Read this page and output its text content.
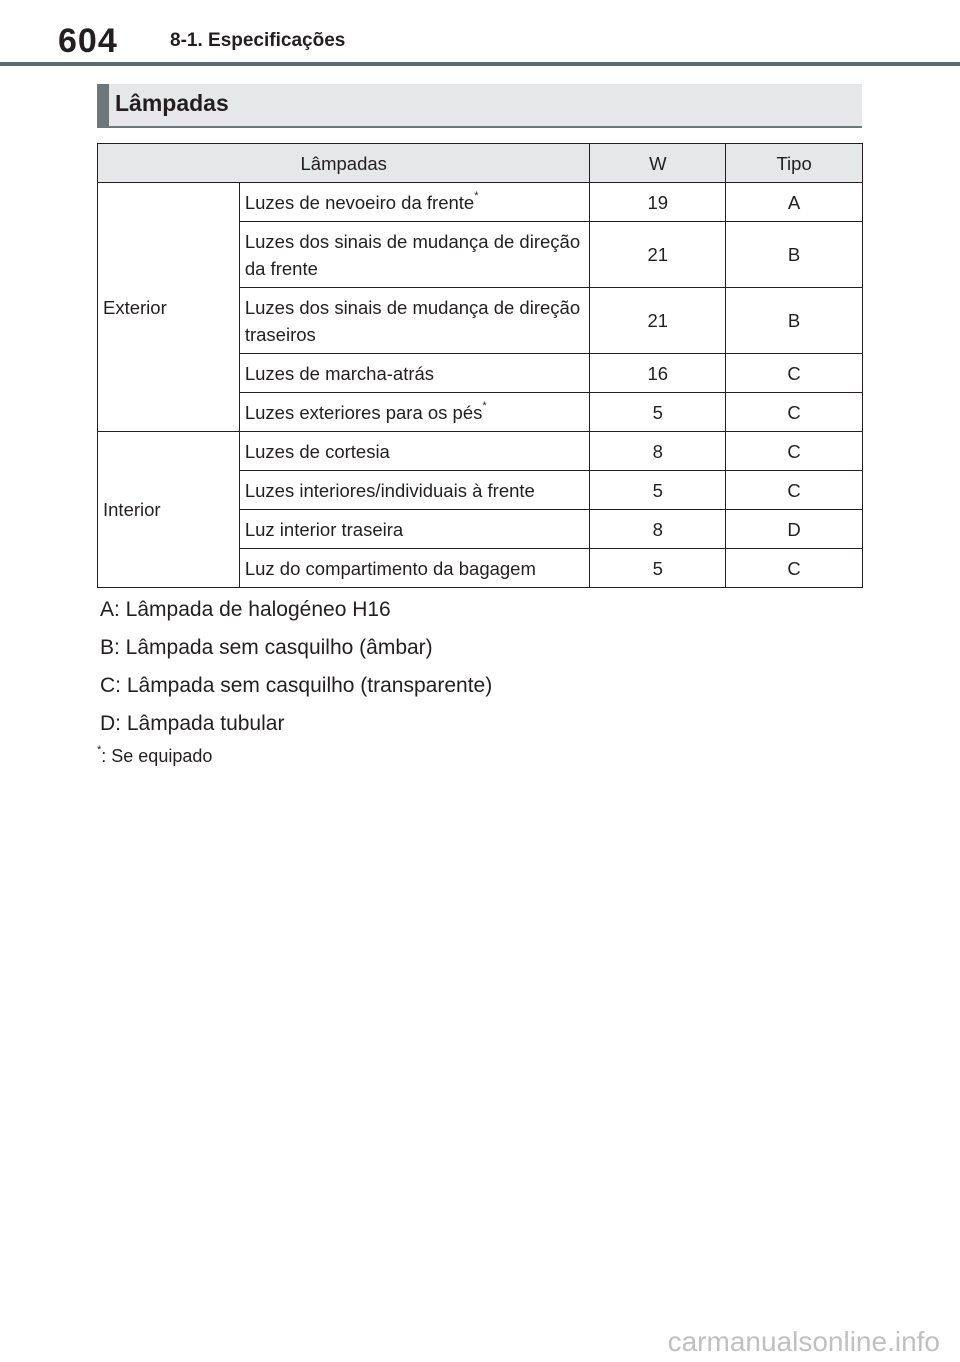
604	8-1. Especificações
Lâmpadas
Lâmpadas		W	Tipo
Exterior	Luzes de nevoeiro da frente*	19	A
	Luzes dos sinais de mudança de direção da frente	21	B
	Luzes dos sinais de mudança de direção traseiros	21	B
	Luzes de marcha-atrás	16	C
	Luzes exteriores para os pés*	5	C
Interior	Luzes de cortesia	8	C
	Luzes interiores/individuais à frente	5	C
	Luz interior traseira	8	D
	Luz do compartimento da bagagem	5	C
A: Lâmpada de halogéneo H16
B: Lâmpada sem casquilho (âmbar)
C: Lâmpada sem casquilho (transparente)
D: Lâmpada tubular
*: Se equipado
carmanualsonline.info
